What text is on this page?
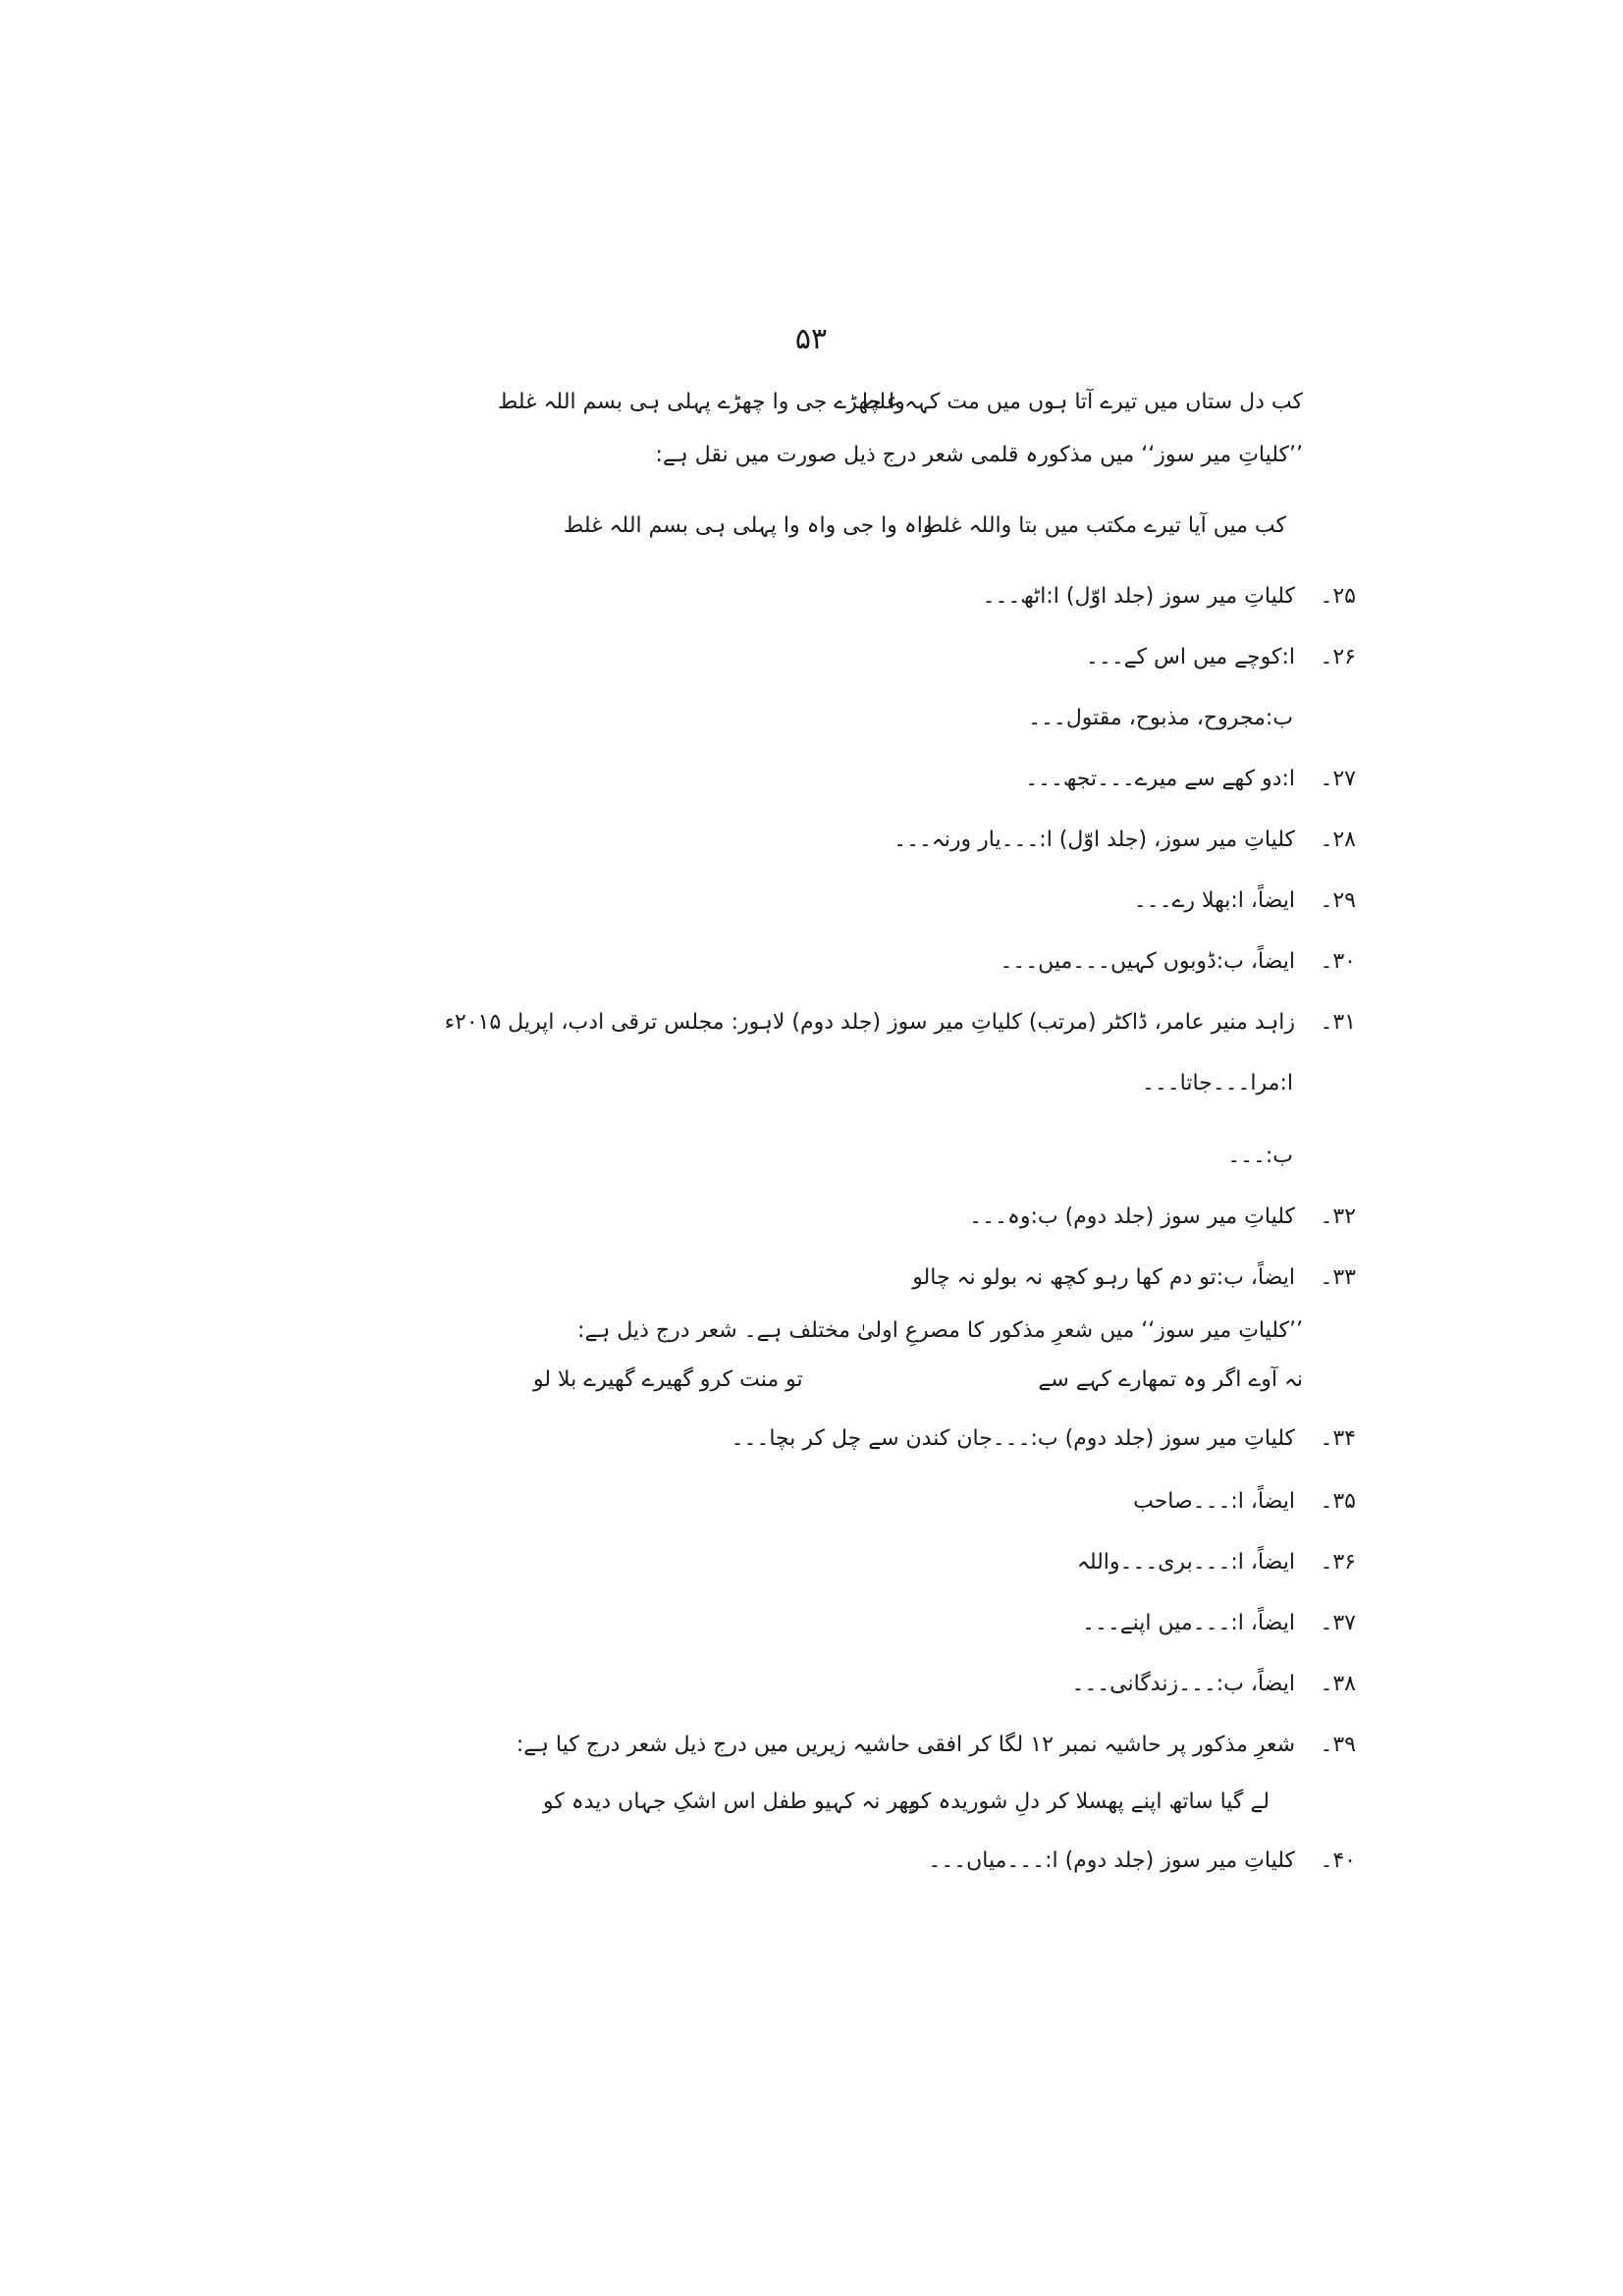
۵۳
کب دل ستاں میں تیرے آتا ہوں میں مت کہہ غلط
وا چھڑے جی وا چھڑے پہلی ہی بسم اللہ غلط
’’کلیاتِ میر سوز‘‘ میں مذکورہ قلمی شعر درج ذیل صورت میں نقل ہے:
کب میں آیا تیرے مکتب میں بتا واللہ غلط
واہ وا جی واہ وا پہلی ہی بسم اللہ غلط
۲۵۔کلیاتِ میر سوز (جلد اوّل) ا:اٹھ۔۔۔
۲۶۔ا:کوچے میں اس کے۔۔۔
ب:مجروح، مذبوح، مقتول۔۔۔
۲۷۔ا:دو کھے سے میرے۔۔۔تجھ۔۔۔
۲۸۔کلیاتِ میر سوز، (جلد اوّل) ا:۔۔۔یار ورنہ۔۔۔
۲۹۔ایضاً، ا:بھلا رے۔۔۔
۳۰۔ایضاً، ب:ڈوبوں کہیں۔۔۔میں۔۔۔
۳۱۔زاہد منیر عامر، ڈاکٹر (مرتب) کلیاتِ میر سوز (جلد دوم) لاہور: مجلس ترقی ادب، اپریل ۲۰۱۵ء
ا:مرا۔۔۔جاتا۔۔۔
ب:۔۔۔
۳۲۔کلیاتِ میر سوز (جلد دوم) ب:وہ۔۔۔
۳۳۔ایضاً، ب:تو دم کھا رہو کچھ نہ بولو نہ چالو
’’کلیاتِ میر سوز‘‘ میں شعرِ مذکور کا مصرعِ اولیٰ مختلف ہے۔ شعر درج ذیل ہے:
نہ آوے اگر وہ تمھارے کہے سے
تو منت کرو گھیرے گھیرے بلا لو
۳۴۔کلیاتِ میر سوز (جلد دوم) ب:۔۔۔جان کندن سے چل کر بچا۔۔۔
۳۵۔ایضاً، ا:۔۔۔صاحب
۳۶۔ایضاً، ا:۔۔۔بری۔۔۔واللہ
۳۷۔ایضاً، ا:۔۔۔میں اپنے۔۔۔
۳۸۔ایضاً، ب:۔۔۔زندگانی۔۔۔
۳۹۔شعرِ مذکور پر حاشیہ نمبر ۱۲ لگا کر افقی حاشیہ زیریں میں درج ذیل شعر درج کیا ہے:
لے گیا ساتھ اپنے پھسلا کر دلِ شوریدہ کو
پھر نہ کہیو طفل اس اشکِ جہاں دیدہ کو
۴۰۔کلیاتِ میر سوز (جلد دوم) ا:۔۔۔میاں۔۔۔
